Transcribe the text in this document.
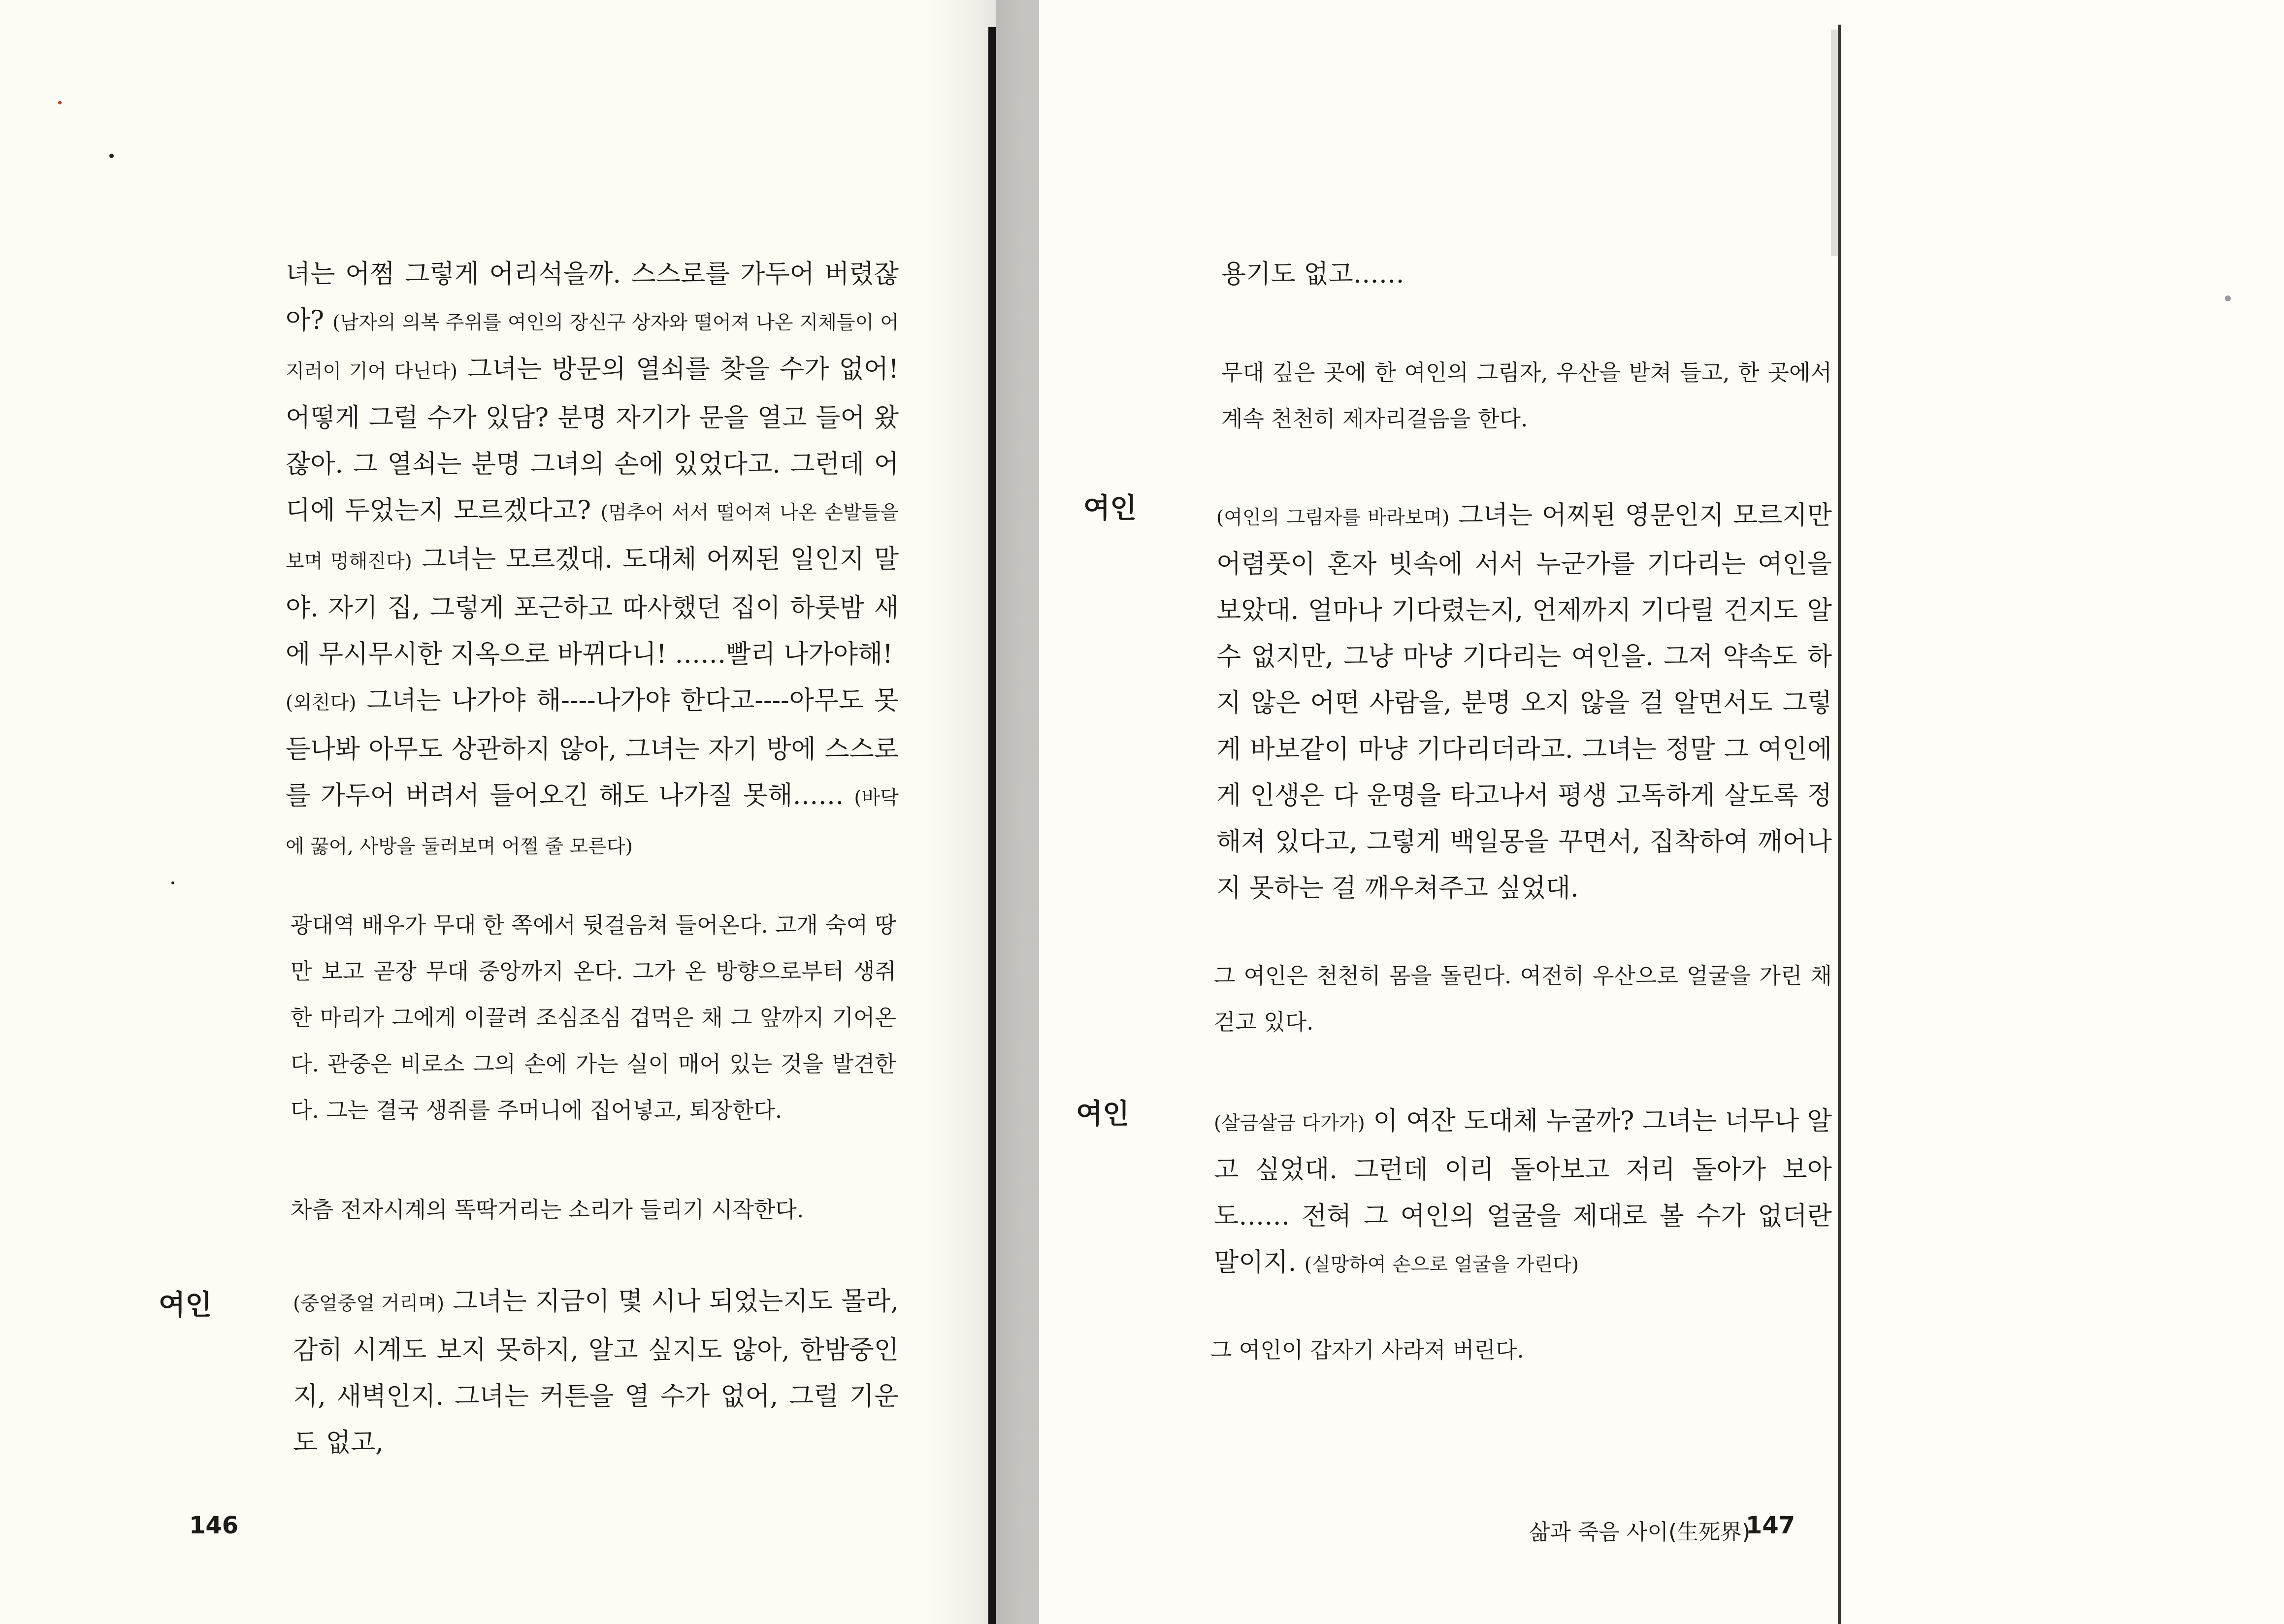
녀는 어쩜 그렇게 어리석을까. 스스로를 가두어 버렸잖아? (남자의 의복 주위를 여인의 장신구 상자와 떨어져 나온 지체들이 어지러이 기어 다닌다) 그녀는 방문의 열쇠를 찾을 수가 없어! 어떻게 그럴 수가 있담? 분명 자기가 문을 열고 들어 왔잖아. 그 열쇠는 분명 그녀의 손에 있었다고. 그런데 어디에 두었는지 모르겠다고? (멈추어 서서 떨어져 나온 손발들을 보며 멍해진다) 그녀는 모르겠대. 도대체 어찌된 일인지 말야. 자기 집, 그렇게 포근하고 따사했던 집이 하룻밤 새에 무시무시한 지옥으로 바뀌다니! ……빨리 나가야해!
(외친다) 그녀는 나가야 해----나가야 한다고----아무도 못 듣나봐 아무도 상관하지 않아, 그녀는 자기 방에 스스로를 가두어 버려서 들어오긴 해도 나가질 못해…… (바닥에 꿇어, 사방을 둘러보며 어쩔 줄 모른다)
광대역 배우가 무대 한 쪽에서 뒷걸음쳐 들어온다. 고개 숙여 땅만 보고 곧장 무대 중앙까지 온다. 그가 온 방향으로부터 생쥐 한 마리가 그에게 이끌려 조심조심 겁먹은 채 그 앞까지 기어온다. 관중은 비로소 그의 손에 가는 실이 매어 있는 것을 발견한다. 그는 결국 생쥐를 주머니에 집어넣고, 퇴장한다.
차츰 전자시계의 똑딱거리는 소리가 들리기 시작한다.
여인	(중얼중얼 거리며) 그녀는 지금이 몇 시나 되었는지도 몰라, 감히 시계도 보지 못하지, 알고 싶지도 않아, 한밤중인지, 새벽인지. 그녀는 커튼을 열 수가 없어, 그럴 기운도 없고,
146
용기도 없고……
무대 깊은 곳에 한 여인의 그림자, 우산을 받쳐 들고, 한 곳에서 계속 천천히 제자리걸음을 한다.
여인	(여인의 그림자를 바라보며) 그녀는 어찌된 영문인지 모르지만 어렴풋이 혼자 빗속에 서서 누군가를 기다리는 여인을 보았대. 얼마나 기다렸는지, 언제까지 기다릴 건지도 알 수 없지만, 그냥 마냥 기다리는 여인을. 그저 약속도 하지 않은 어떤 사람을, 분명 오지 않을 걸 알면서도 그렇게 바보같이 마냥 기다리더라고. 그녀는 정말 그 여인에게 인생은 다 운명을 타고나서 평생 고독하게 살도록 정해져 있다고, 그렇게 백일몽을 꾸면서, 집착하여 깨어나지 못하는 걸 깨우쳐주고 싶었대.
그 여인은 천천히 몸을 돌린다. 여전히 우산으로 얼굴을 가린 채 걷고 있다.
여인	(살금살금 다가가) 이 여잔 도대체 누굴까? 그녀는 너무나 알고 싶었대. 그런데 이리 돌아보고 저리 돌아가 보아도…… 전혀 그 여인의 얼굴을 제대로 볼 수가 없더란 말이지. (실망하여 손으로 얼굴을 가린다)
그 여인이 갑자기 사라져 버린다.
삶과 죽음 사이(生死界)
147
